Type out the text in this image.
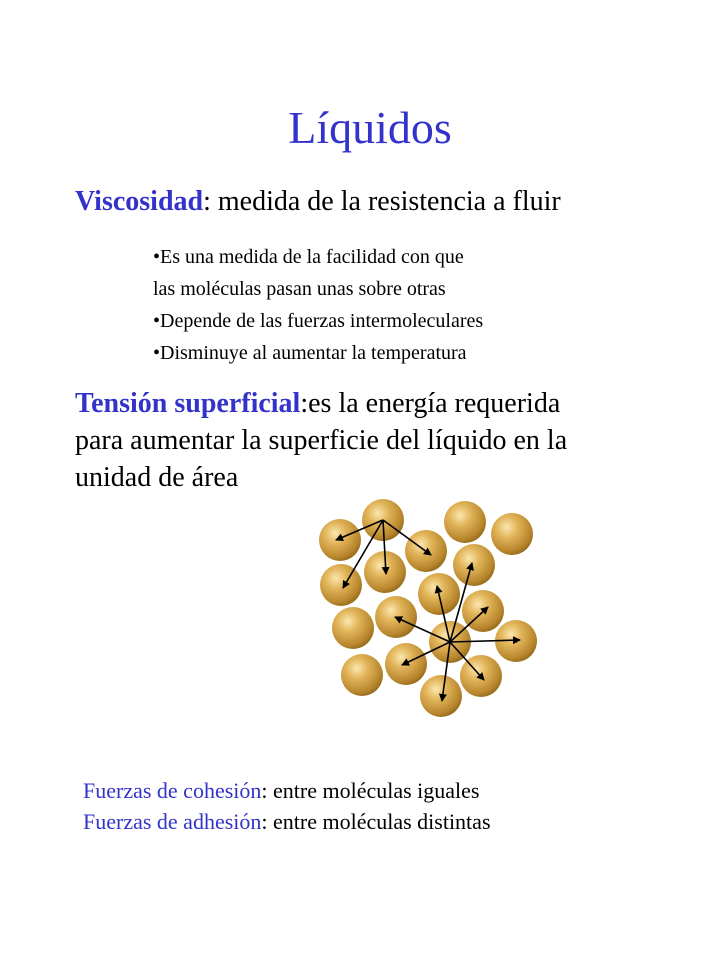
Líquidos
Viscosidad: medida de la resistencia a fluir
•Es una medida de la facilidad con que
las moléculas pasan unas sobre otras
•Depende de las fuerzas intermoleculares
•Disminuye al aumentar la temperatura
Tensión superficial:es la energía requerida
para aumentar la superficie del líquido en la
unidad de área
Fuerzas de cohesión: entre moléculas iguales
Fuerzas de adhesión: entre moléculas distintas
